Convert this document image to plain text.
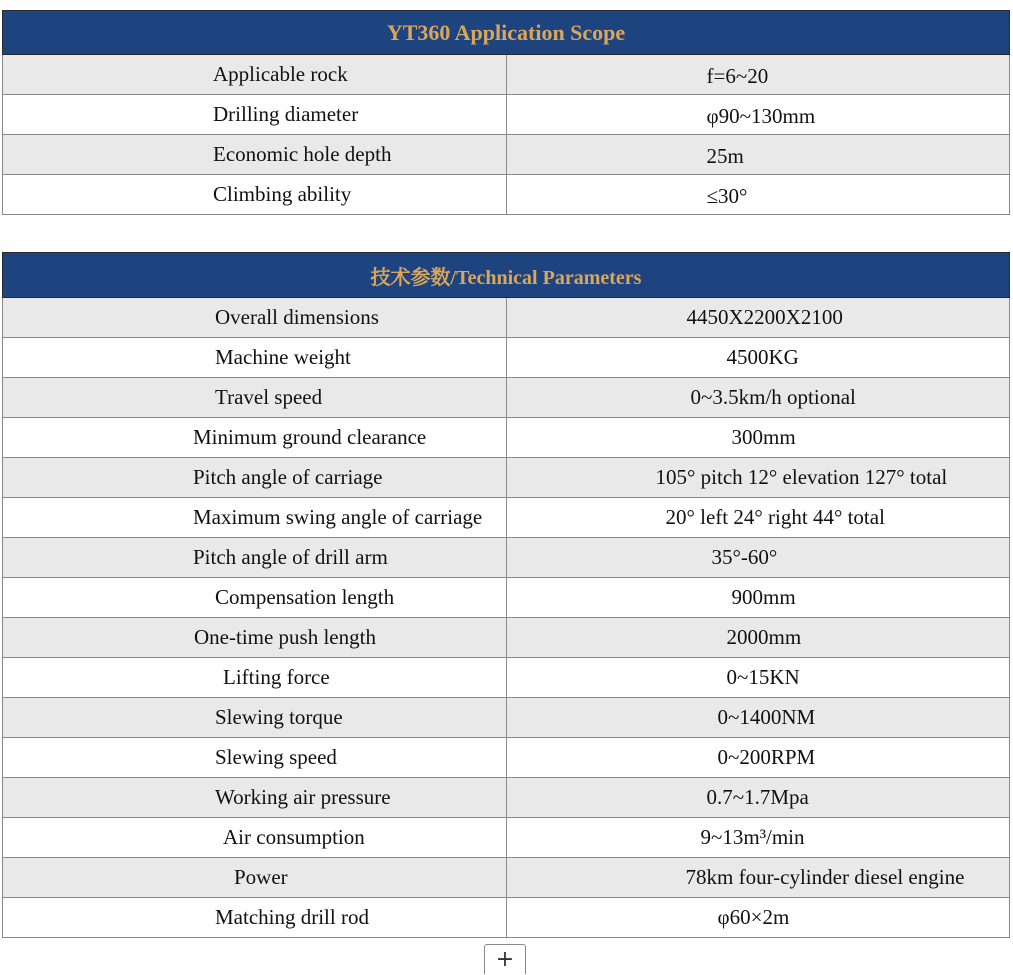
YT360 Application Scope	
Applicable rock	f=6~20
Drilling diameter	φ90~130mm
Economic hole depth	25m
Climbing ability	≤30°
技术参数/Technical Parameters	
Overall dimensions	4450X2200X2100
Machine weight	4500KG
Travel speed	0~3.5km/h optional
Minimum ground clearance	300mm
Pitch angle of carriage	105° pitch 12° elevation 127° total
Maximum swing angle of carriage	20° left 24° right 44° total
Pitch angle of drill arm	35°-60°
Compensation length	900mm
One-time push length	2000mm
Lifting force	0~15KN
Slewing torque	0~1400NM
Slewing speed	0~200RPM
Working air pressure	0.7~1.7Mpa
Air consumption	9~13m³/min
Power	78km four-cylinder diesel engine
Matching drill rod	φ60×2m
+
